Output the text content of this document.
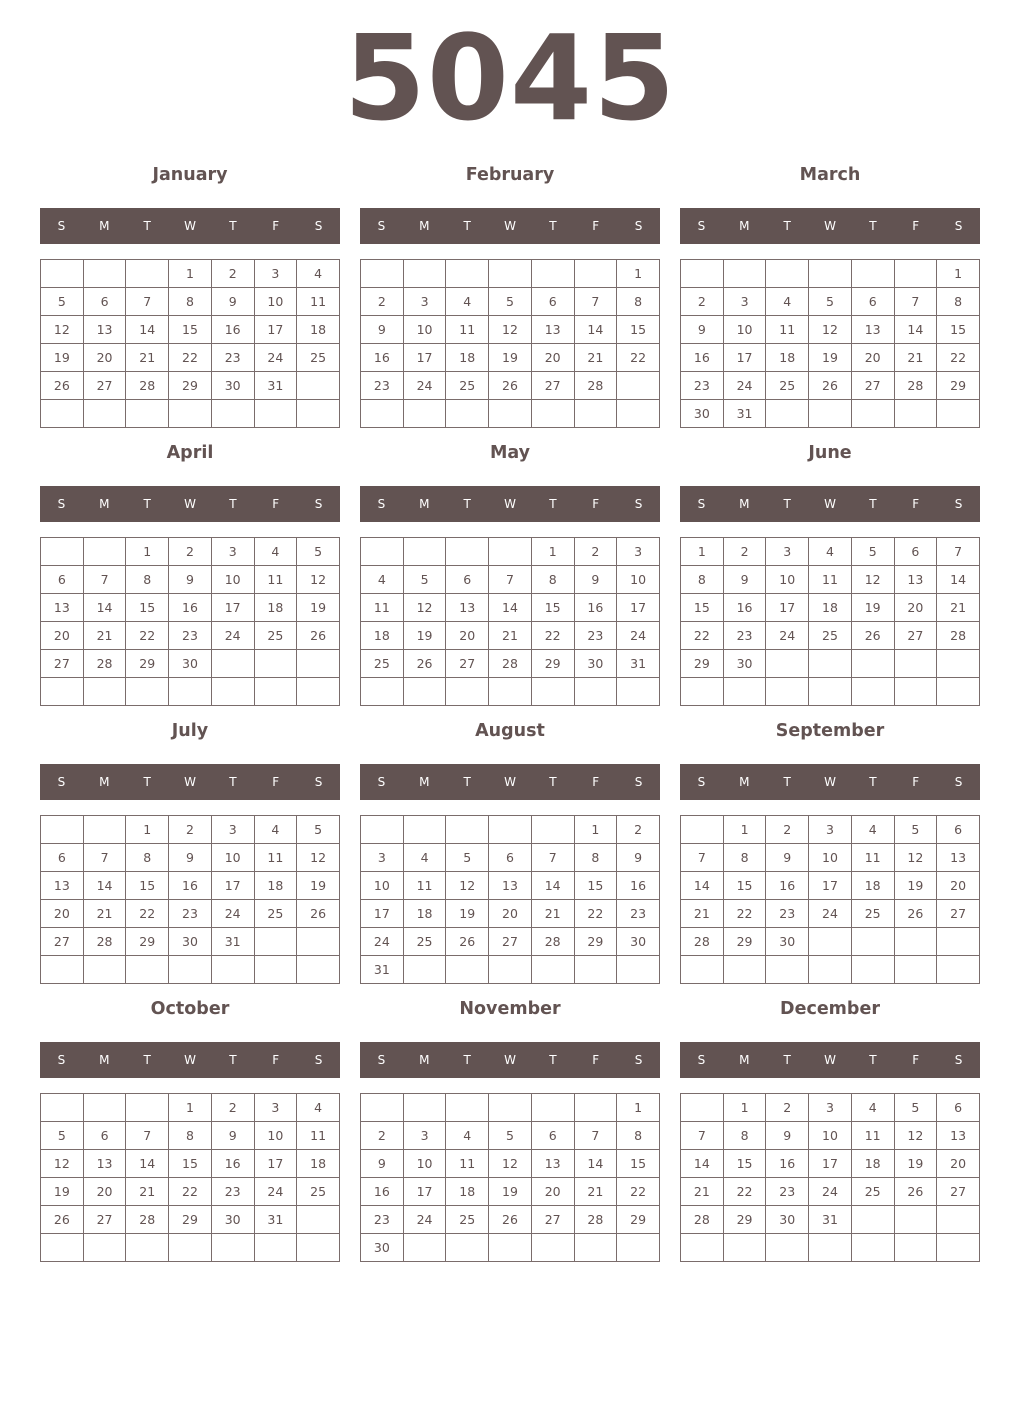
5045
January
S	M	T	W	T	F	S
			1	2	3	4
5	6	7	8	9	10	11
12	13	14	15	16	17	18
19	20	21	22	23	24	25
26	27	28	29	30	31	

February
S	M	T	W	T	F	S
						1
2	3	4	5	6	7	8
9	10	11	12	13	14	15
16	17	18	19	20	21	22
23	24	25	26	27	28	

March
S	M	T	W	T	F	S
						1
2	3	4	5	6	7	8
9	10	11	12	13	14	15
16	17	18	19	20	21	22
23	24	25	26	27	28	29
30	31					
April
S	M	T	W	T	F	S
		1	2	3	4	5
6	7	8	9	10	11	12
13	14	15	16	17	18	19
20	21	22	23	24	25	26
27	28	29	30			

May
S	M	T	W	T	F	S
				1	2	3
4	5	6	7	8	9	10
11	12	13	14	15	16	17
18	19	20	21	22	23	24
25	26	27	28	29	30	31

June
S	M	T	W	T	F	S
1	2	3	4	5	6	7
8	9	10	11	12	13	14
15	16	17	18	19	20	21
22	23	24	25	26	27	28
29	30					

July
S	M	T	W	T	F	S
		1	2	3	4	5
6	7	8	9	10	11	12
13	14	15	16	17	18	19
20	21	22	23	24	25	26
27	28	29	30	31		

August
S	M	T	W	T	F	S
					1	2
3	4	5	6	7	8	9
10	11	12	13	14	15	16
17	18	19	20	21	22	23
24	25	26	27	28	29	30
31						
September
S	M	T	W	T	F	S
	1	2	3	4	5	6
7	8	9	10	11	12	13
14	15	16	17	18	19	20
21	22	23	24	25	26	27
28	29	30				

October
S	M	T	W	T	F	S
			1	2	3	4
5	6	7	8	9	10	11
12	13	14	15	16	17	18
19	20	21	22	23	24	25
26	27	28	29	30	31	

November
S	M	T	W	T	F	S
						1
2	3	4	5	6	7	8
9	10	11	12	13	14	15
16	17	18	19	20	21	22
23	24	25	26	27	28	29
30						
December
S	M	T	W	T	F	S
	1	2	3	4	5	6
7	8	9	10	11	12	13
14	15	16	17	18	19	20
21	22	23	24	25	26	27
28	29	30	31			
